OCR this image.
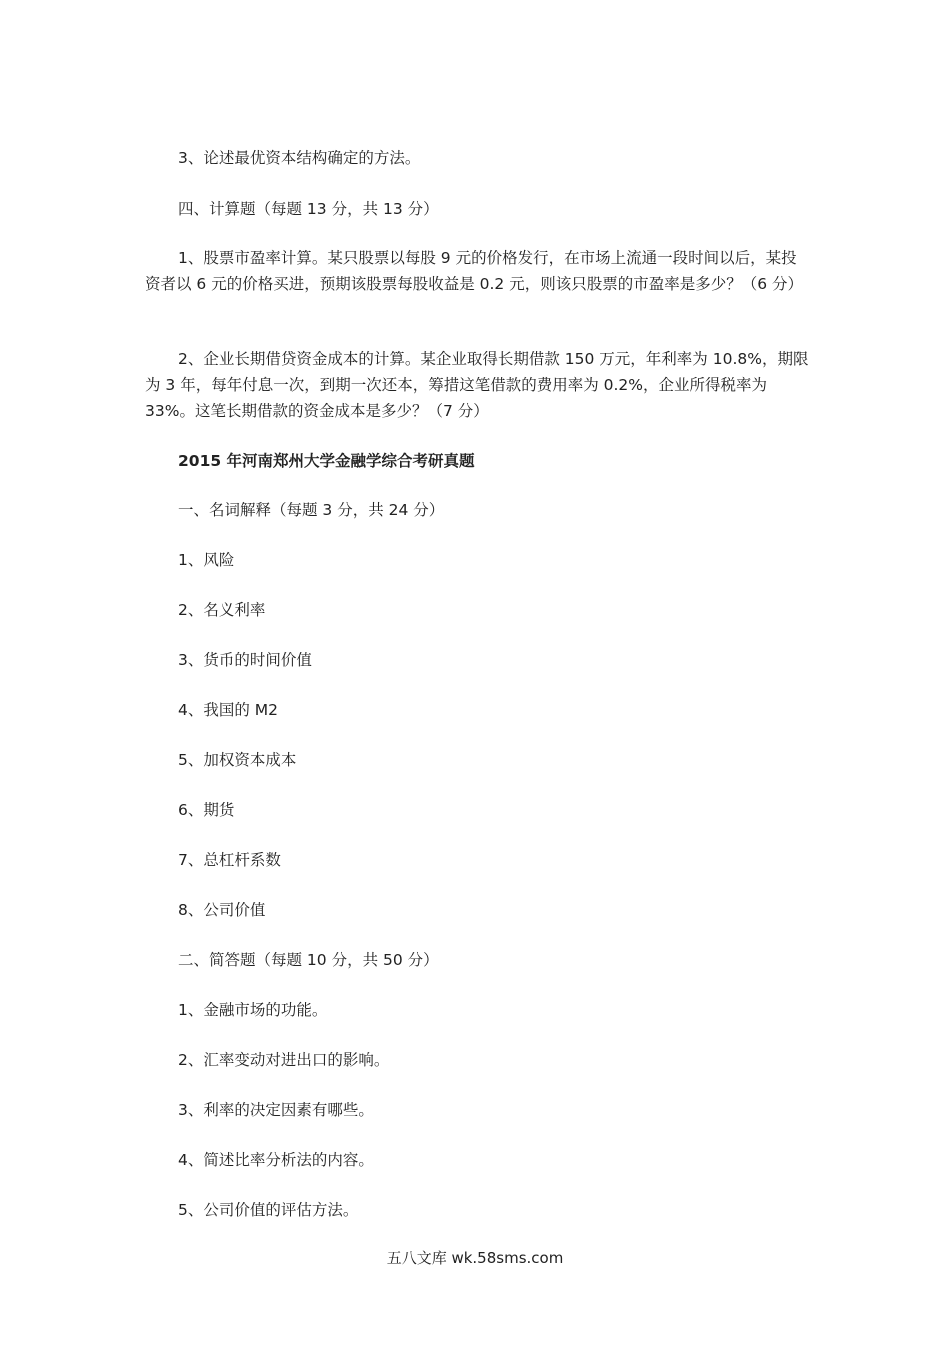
3、论述最优资本结构确定的方法。
四、计算题（每题 13 分，共 13 分）
1、股票市盈率计算。某只股票以每股 9 元的价格发行，在市场上流通一段时间以后，某投资者以 6 元的价格买进，预期该股票每股收益是 0.2 元，则该只股票的市盈率是多少？（6 分）
2、企业长期借贷资金成本的计算。某企业取得长期借款 150 万元，年利率为 10.8%，期限为 3 年，每年付息一次，到期一次还本，筹措这笔借款的费用率为 0.2%，企业所得税率为 33%。这笔长期借款的资金成本是多少？（7 分）
2015 年河南郑州大学金融学综合考研真题
一、名词解释（每题 3 分，共 24 分）
1、风险
2、名义利率
3、货币的时间价值
4、我国的 M2
5、加权资本成本
6、期货
7、总杠杆系数
8、公司价值
二、简答题（每题 10 分，共 50 分）
1、金融市场的功能。
2、汇率变动对进出口的影响。
3、利率的决定因素有哪些。
4、简述比率分析法的内容。
5、公司价值的评估方法。
五八文库 wk.58sms.com
